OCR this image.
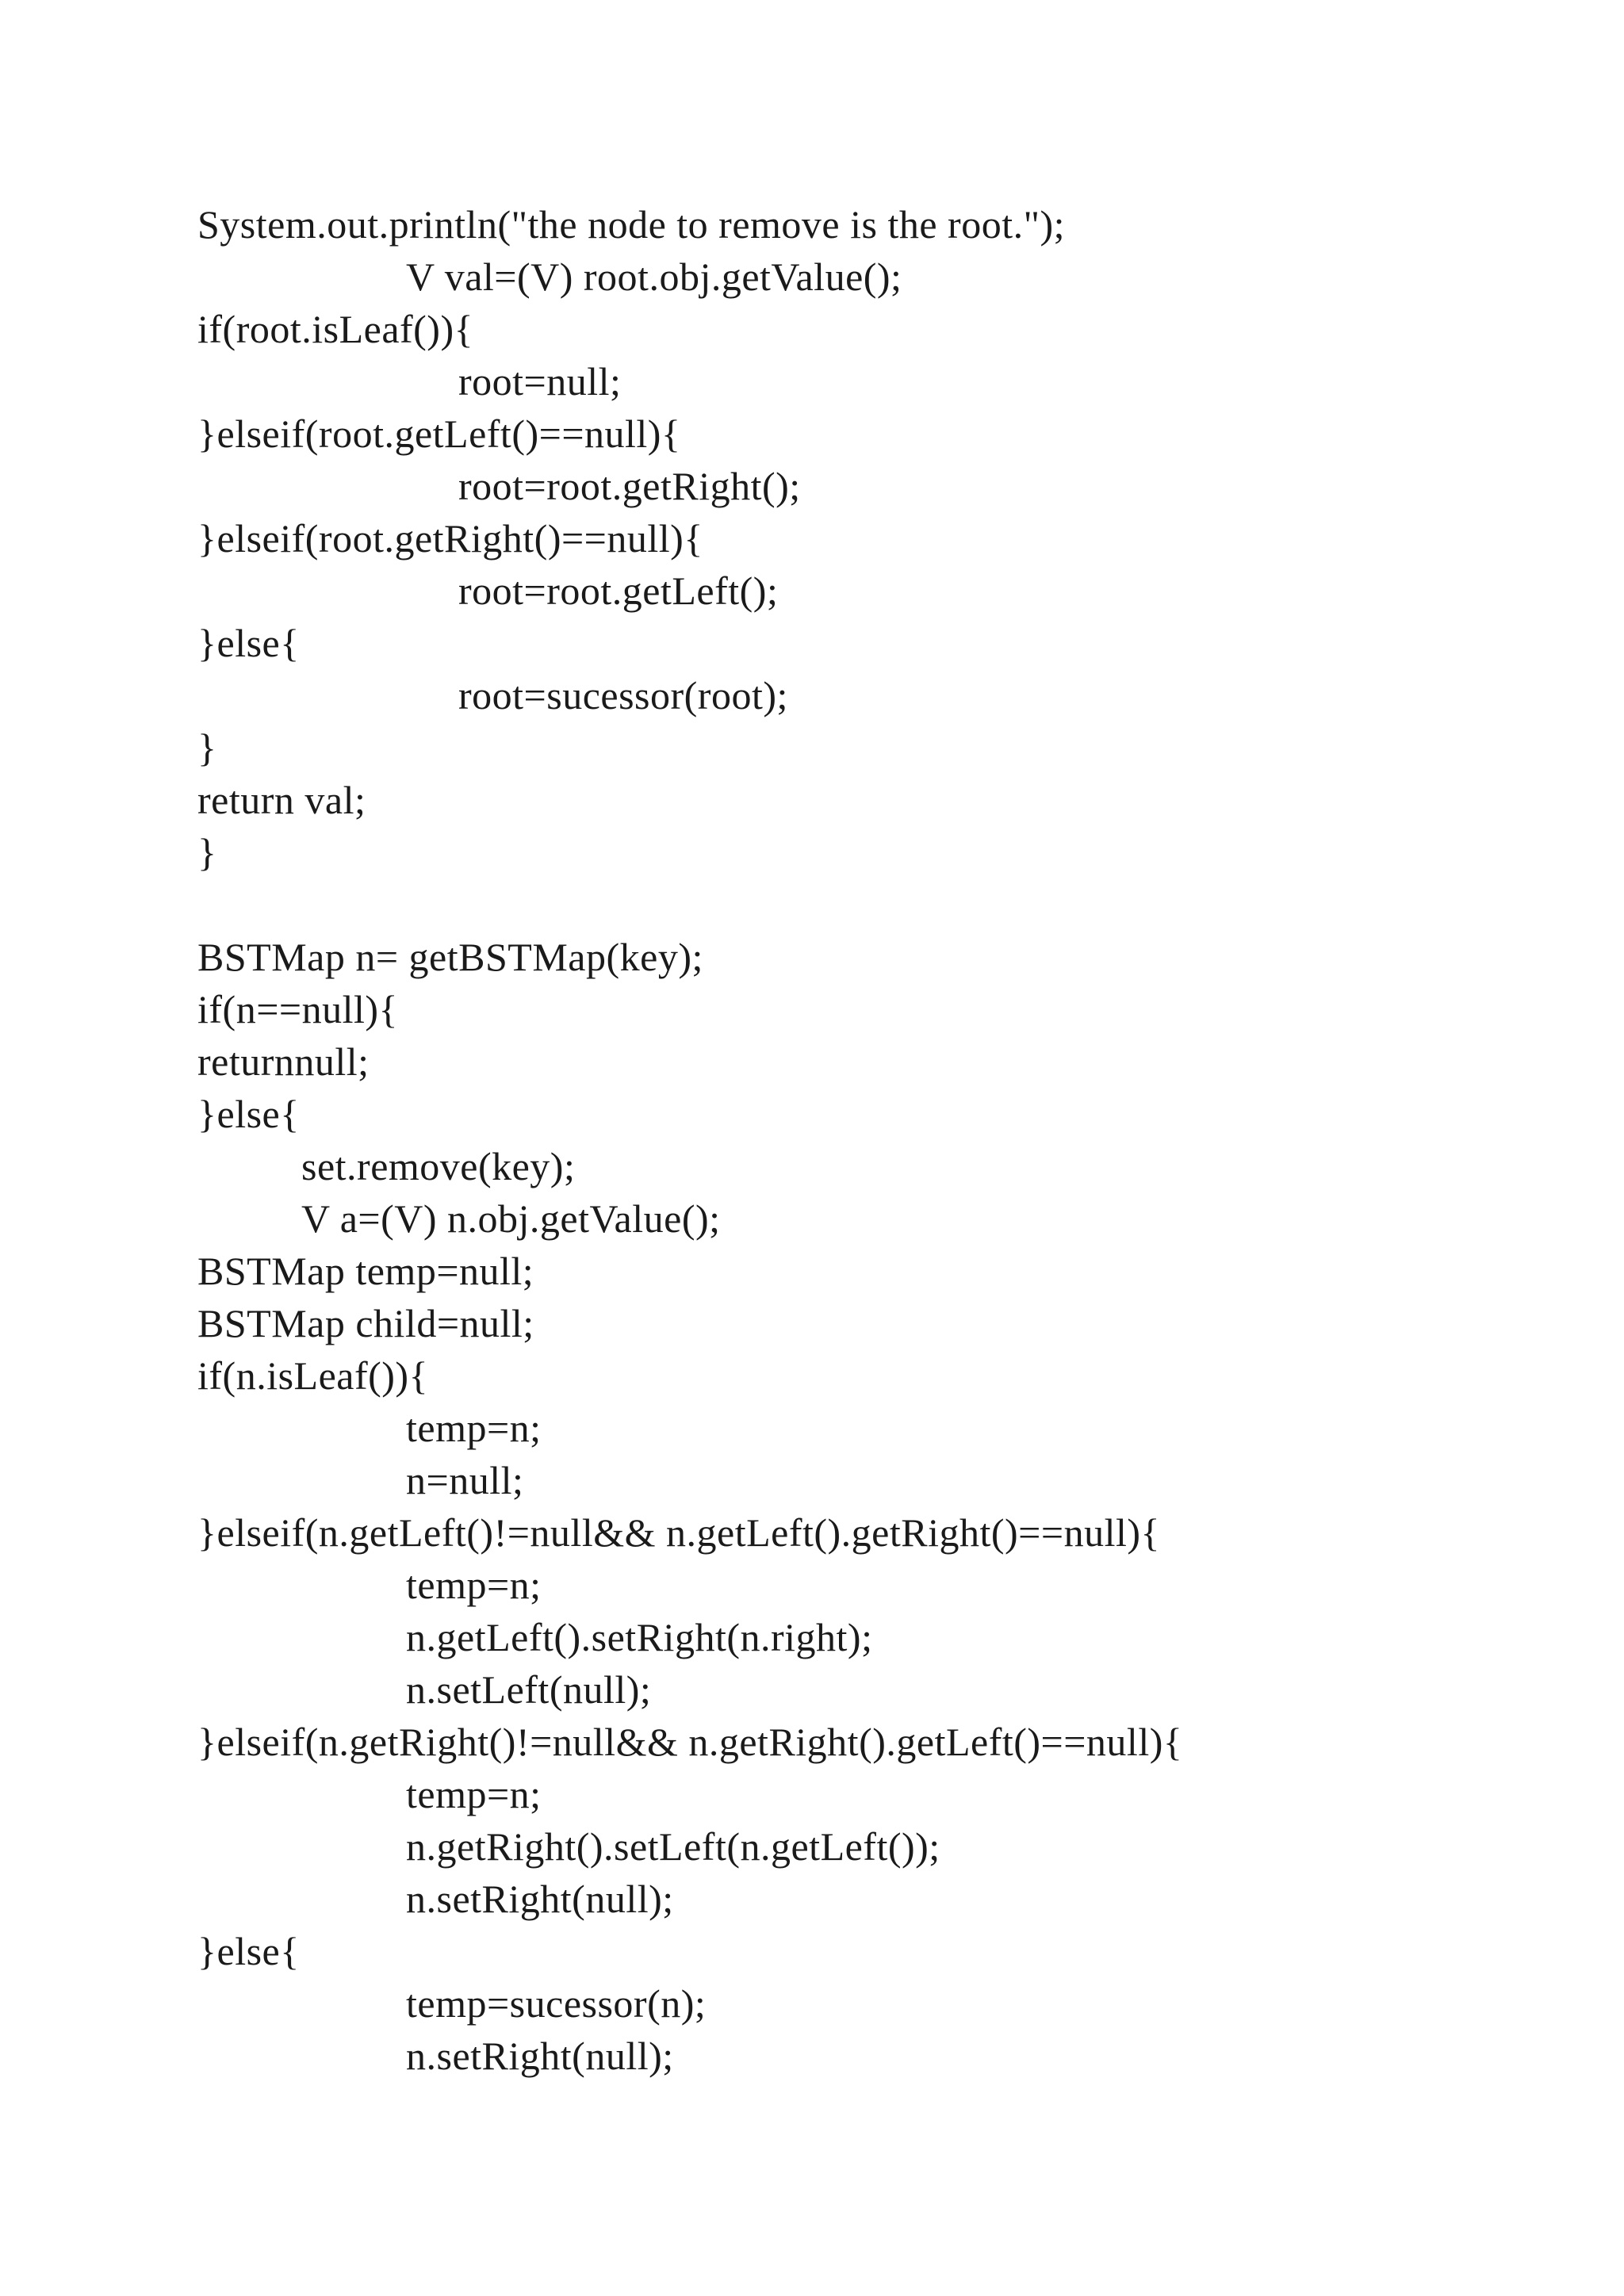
System.out.println("the node to remove is the root.");

V val=(V) root.obj.getValue();

if(root.isLeaf()){

root=null;

}elseif(root.getLeft()==null){

root=root.getRight();

}elseif(root.getRight()==null){

root=root.getLeft();

}else{

root=sucessor(root);

}

return val;

}

BSTMap n= getBSTMap(key);

if(n==null){

returnnull;

}else{

set.remove(key);

V a=(V) n.obj.getValue();

BSTMap temp=null;

BSTMap child=null;

if(n.isLeaf()){

temp=n;

n=null;

}elseif(n.getLeft()!=null&& n.getLeft().getRight()==null){

temp=n;

n.getLeft().setRight(n.right);

n.setLeft(null);

}elseif(n.getRight()!=null&& n.getRight().getLeft()==null){

temp=n;

n.getRight().setLeft(n.getLeft());

n.setRight(null);

}else{

temp=sucessor(n);

n.setRight(null);
